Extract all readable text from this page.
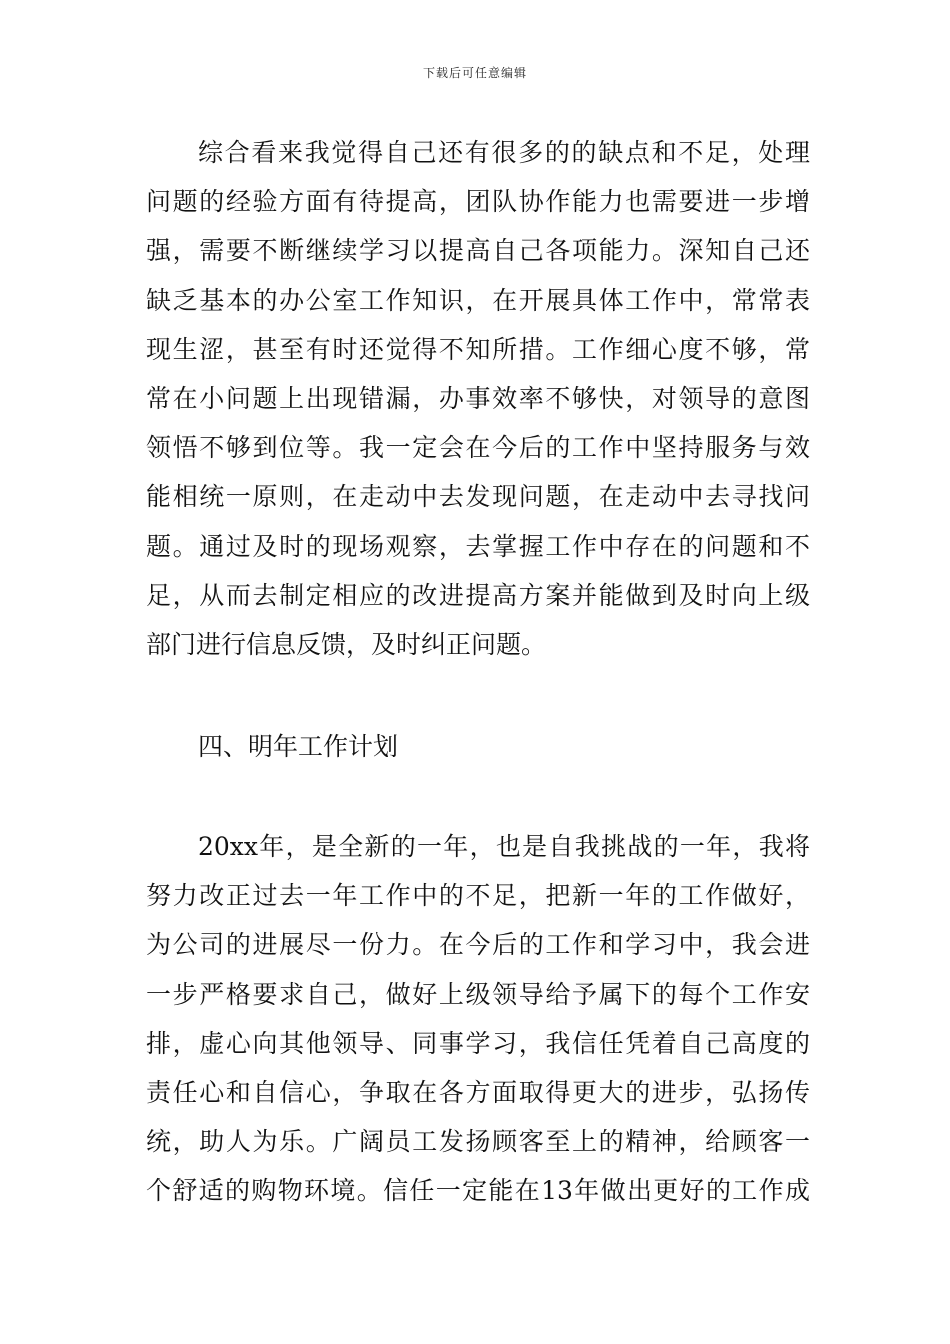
下载后可任意编辑
综合看来我觉得自己还有很多的的缺点和不足，处理
问题的经验方面有待提高，团队协作能力也需要进一步增
强，需要不断继续学习以提高自己各项能力。深知自己还
缺乏基本的办公室工作知识，在开展具体工作中，常常表
现生涩，甚至有时还觉得不知所措。工作细心度不够，常
常在小问题上出现错漏，办事效率不够快，对领导的意图
领悟不够到位等。我一定会在今后的工作中坚持服务与效
能相统一原则，在走动中去发现问题，在走动中去寻找问
题。通过及时的现场观察，去掌握工作中存在的问题和不
足，从而去制定相应的改进提高方案并能做到及时向上级
部门进行信息反馈，及时纠正问题。
四、明年工作计划
20xx年，是全新的一年，也是自我挑战的一年，我将
努力改正过去一年工作中的不足，把新一年的工作做好，
为公司的进展尽一份力。在今后的工作和学习中，我会进
一步严格要求自己，做好上级领导给予属下的每个工作安
排，虚心向其他领导、同事学习，我信任凭着自己高度的
责任心和自信心，争取在各方面取得更大的进步，弘扬传
统，助人为乐。广阔员工发扬顾客至上的精神，给顾客一
个舒适的购物环境。信任一定能在13年做出更好的工作成
